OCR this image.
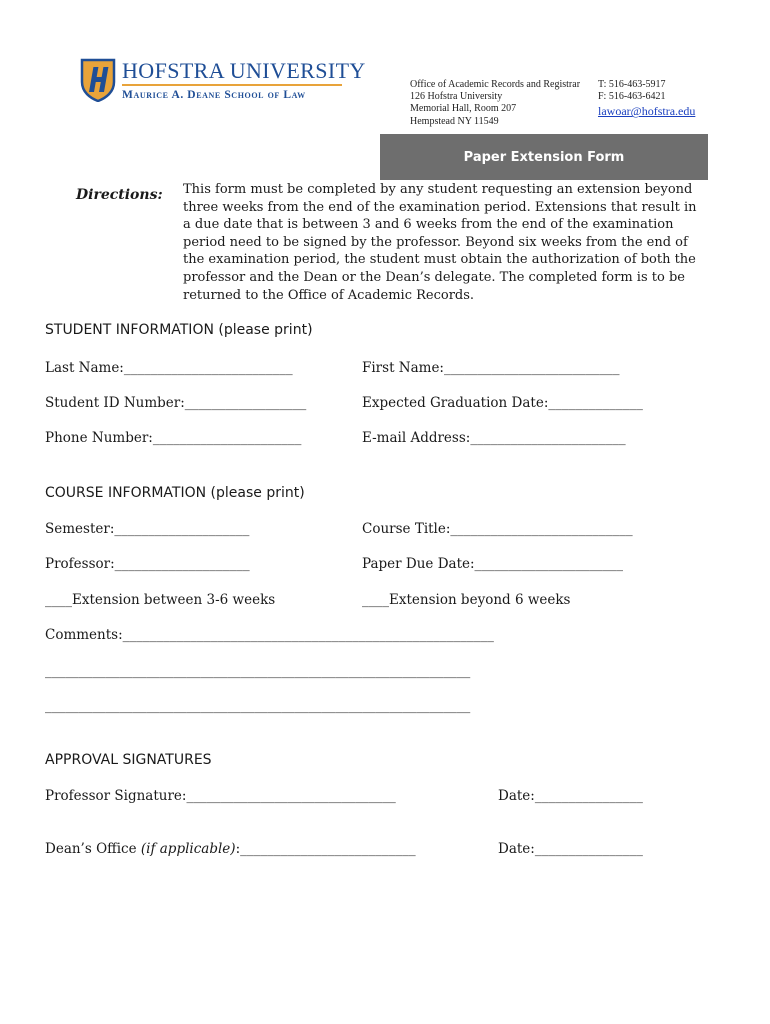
HOFSTRA UNIVERSITY
Maurice A. Deane School of Law
Office of Academic Records and Registrar
126 Hofstra University
Memorial Hall, Room 207
Hempstead NY 11549
T: 516-463-5917
F: 516-463-6421
lawoar@hofstra.edu
Paper Extension Form
Directions: This form must be completed by any student requesting an extension beyond three weeks from the end of the examination period. Extensions that result in a due date that is between 3 and 6 weeks from the end of the examination period need to be signed by the professor. Beyond six weeks from the end of the examination period, the student must obtain the authorization of both the professor and the Dean or the Dean’s delegate. The completed form is to be returned to the Office of Academic Records.
STUDENT INFORMATION (please print)
Last Name:_________________________	First Name:__________________________
Student ID Number:__________________	Expected Graduation Date:______________
Phone Number:______________________	E-mail Address:_______________________
COURSE INFORMATION (please print)
Semester:____________________	Course Title:___________________________
Professor:____________________	Paper Due Date:______________________
____Extension between 3-6 weeks	____Extension beyond 6 weeks
Comments:_______________________________________________________
_______________________________________________________________
_______________________________________________________________
APPROVAL SIGNATURES
Professor Signature:_______________________________	Date:________________
Dean’s Office (if applicable):__________________________	Date:________________
